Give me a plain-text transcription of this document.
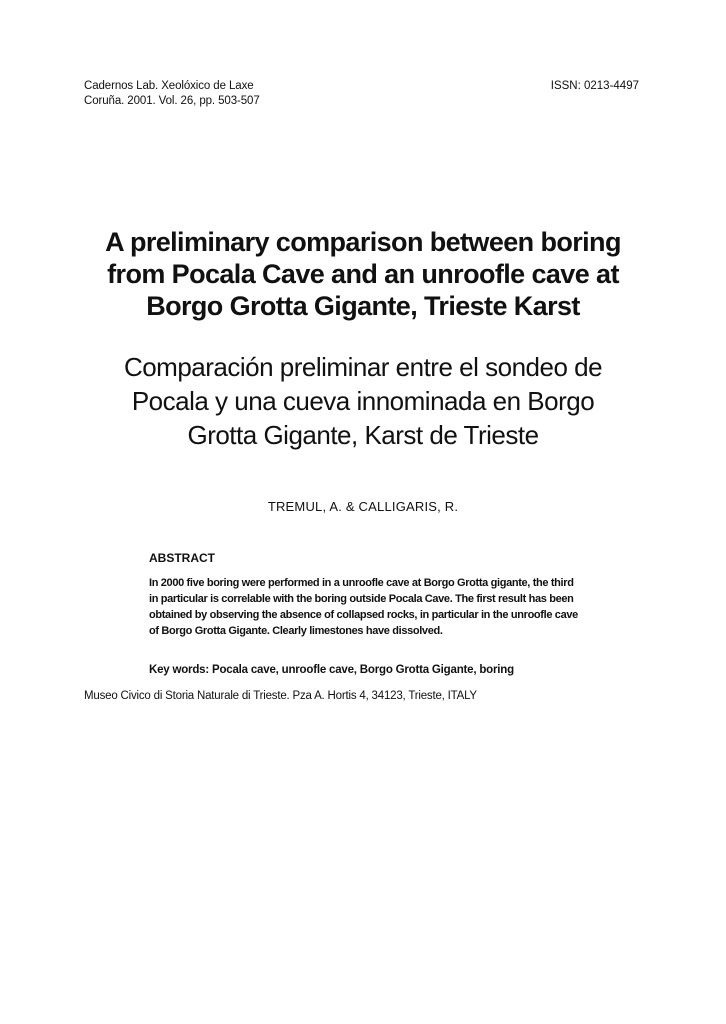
Cadernos Lab. Xeolóxico de Laxe
Coruña. 2001. Vol. 26, pp. 503-507
ISSN: 0213-4497
A preliminary comparison between boring
from Pocala Cave and an unroofle cave at
Borgo Grotta Gigante, Trieste Karst
Comparación preliminar entre el sondeo de
Pocala y una cueva innominada en Borgo
Grotta Gigante, Karst de Trieste
TREMUL, A. & CALLIGARIS, R.
ABSTRACT
In 2000 five boring were performed in a unroofle cave at Borgo Grotta gigante, the third
in particular is correlable with the boring outside Pocala Cave. The first result has been
obtained by observing the absence of collapsed rocks, in particular in the unroofle cave
of Borgo Grotta Gigante. Clearly limestones have dissolved.
Key words: Pocala cave, unroofle cave, Borgo Grotta Gigante, boring
Museo Civico di Storia Naturale di Trieste. Pza A. Hortis 4, 34123, Trieste, ITALY
